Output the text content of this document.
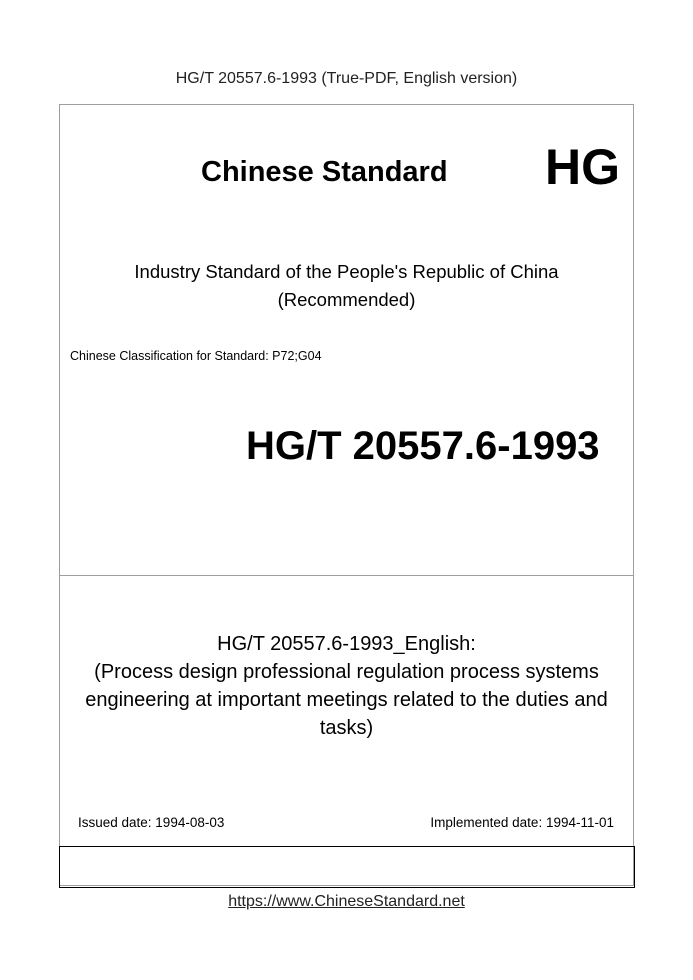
HG/T 20557.6-1993 (True-PDF, English version)
Chinese Standard HG
Industry Standard of the People's Republic of China
(Recommended)
Chinese Classification for Standard: P72;G04
HG/T 20557.6-1993
HG/T 20557.6-1993_English:
(Process design professional regulation process systems
engineering at important meetings related to the duties and
tasks)
Issued date: 1994-08-03	Implemented date: 1994-11-01
https://www.ChineseStandard.net
